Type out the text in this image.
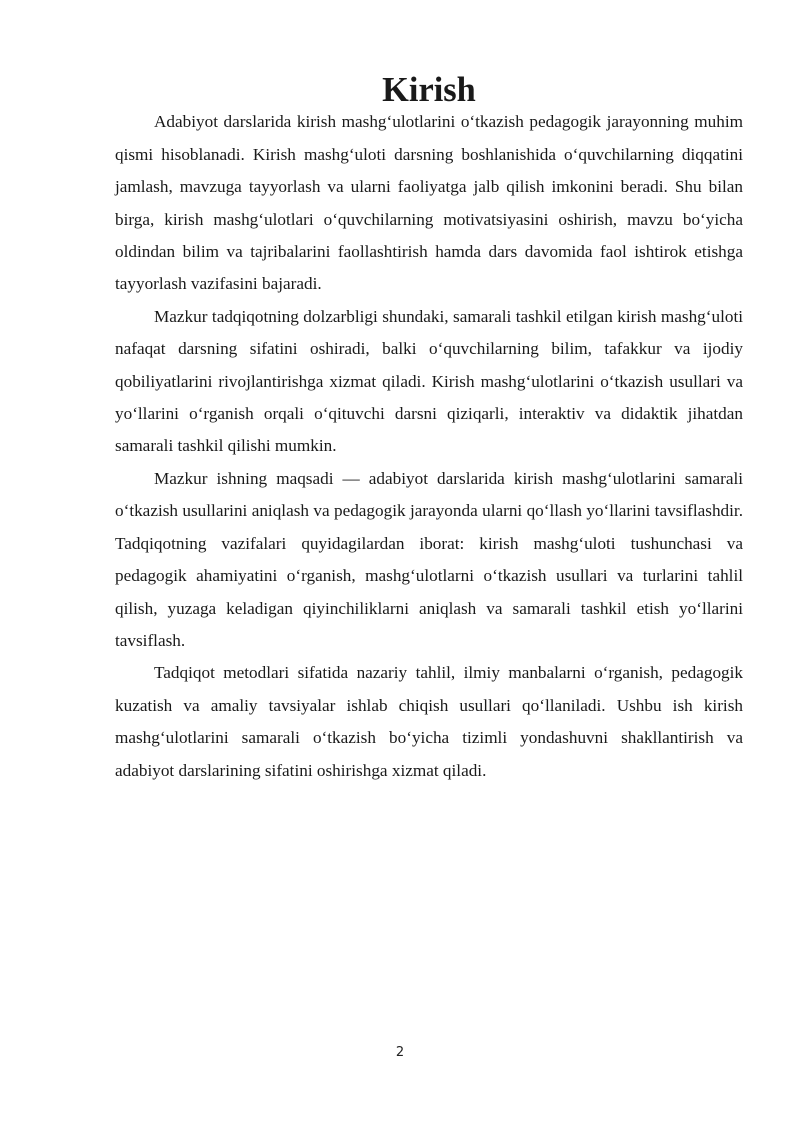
Kirish

Adabiyot darslarida kirish mashg‘ulotlarini o‘tkazish pedagogik jarayonning muhim qismi hisoblanadi. Kirish mashg‘uloti darsning boshlanishida o‘quvchilarning diqqatini jamlash, mavzuga tayyorlash va ularni faoliyatga jalb qilish imkonini beradi. Shu bilan birga, kirish mashg‘ulotlari o‘quvchilarning motivatsiyasini oshirish, mavzu bo‘yicha oldindan bilim va tajribalarini faollashtirish hamda dars davomida faol ishtirok etishga tayyorlash vazifasini bajaradi.

Mazkur tadqiqotning dolzarbligi shundaki, samarali tashkil etilgan kirish mashg‘uloti nafaqat darsning sifatini oshiradi, balki o‘quvchilarning bilim, tafakkur va ijodiy qobiliyatlarini rivojlantirishga xizmat qiladi. Kirish mashg‘ulotlarini o‘tkazish usullari va yo‘llarini o‘rganish orqali o‘qituvchi darsni qiziqarli, interaktiv va didaktik jihatdan samarali tashkil qilishi mumkin.

Mazkur ishning maqsadi — adabiyot darslarida kirish mashg‘ulotlarini samarali o‘tkazish usullarini aniqlash va pedagogik jarayonda ularni qo‘llash yo‘llarini tavsiflashdir. Tadqiqotning vazifalari quyidagilardan iborat: kirish mashg‘uloti tushunchasi va pedagogik ahamiyatini o‘rganish, mashg‘ulotlarni o‘tkazish usullari va turlarini tahlil qilish, yuzaga keladigan qiyinchiliklarni aniqlash va samarali tashkil etish yo‘llarini tavsiflash.

Tadqiqot metodlari sifatida nazariy tahlil, ilmiy manbalarni o‘rganish, pedagogik kuzatish va amaliy tavsiyalar ishlab chiqish usullari qo‘llaniladi. Ushbu ish kirish mashg‘ulotlarini samarali o‘tkazish bo‘yicha tizimli yondashuvni shakllantirish va adabiyot darslarining sifatini oshirishga xizmat qiladi.

2
